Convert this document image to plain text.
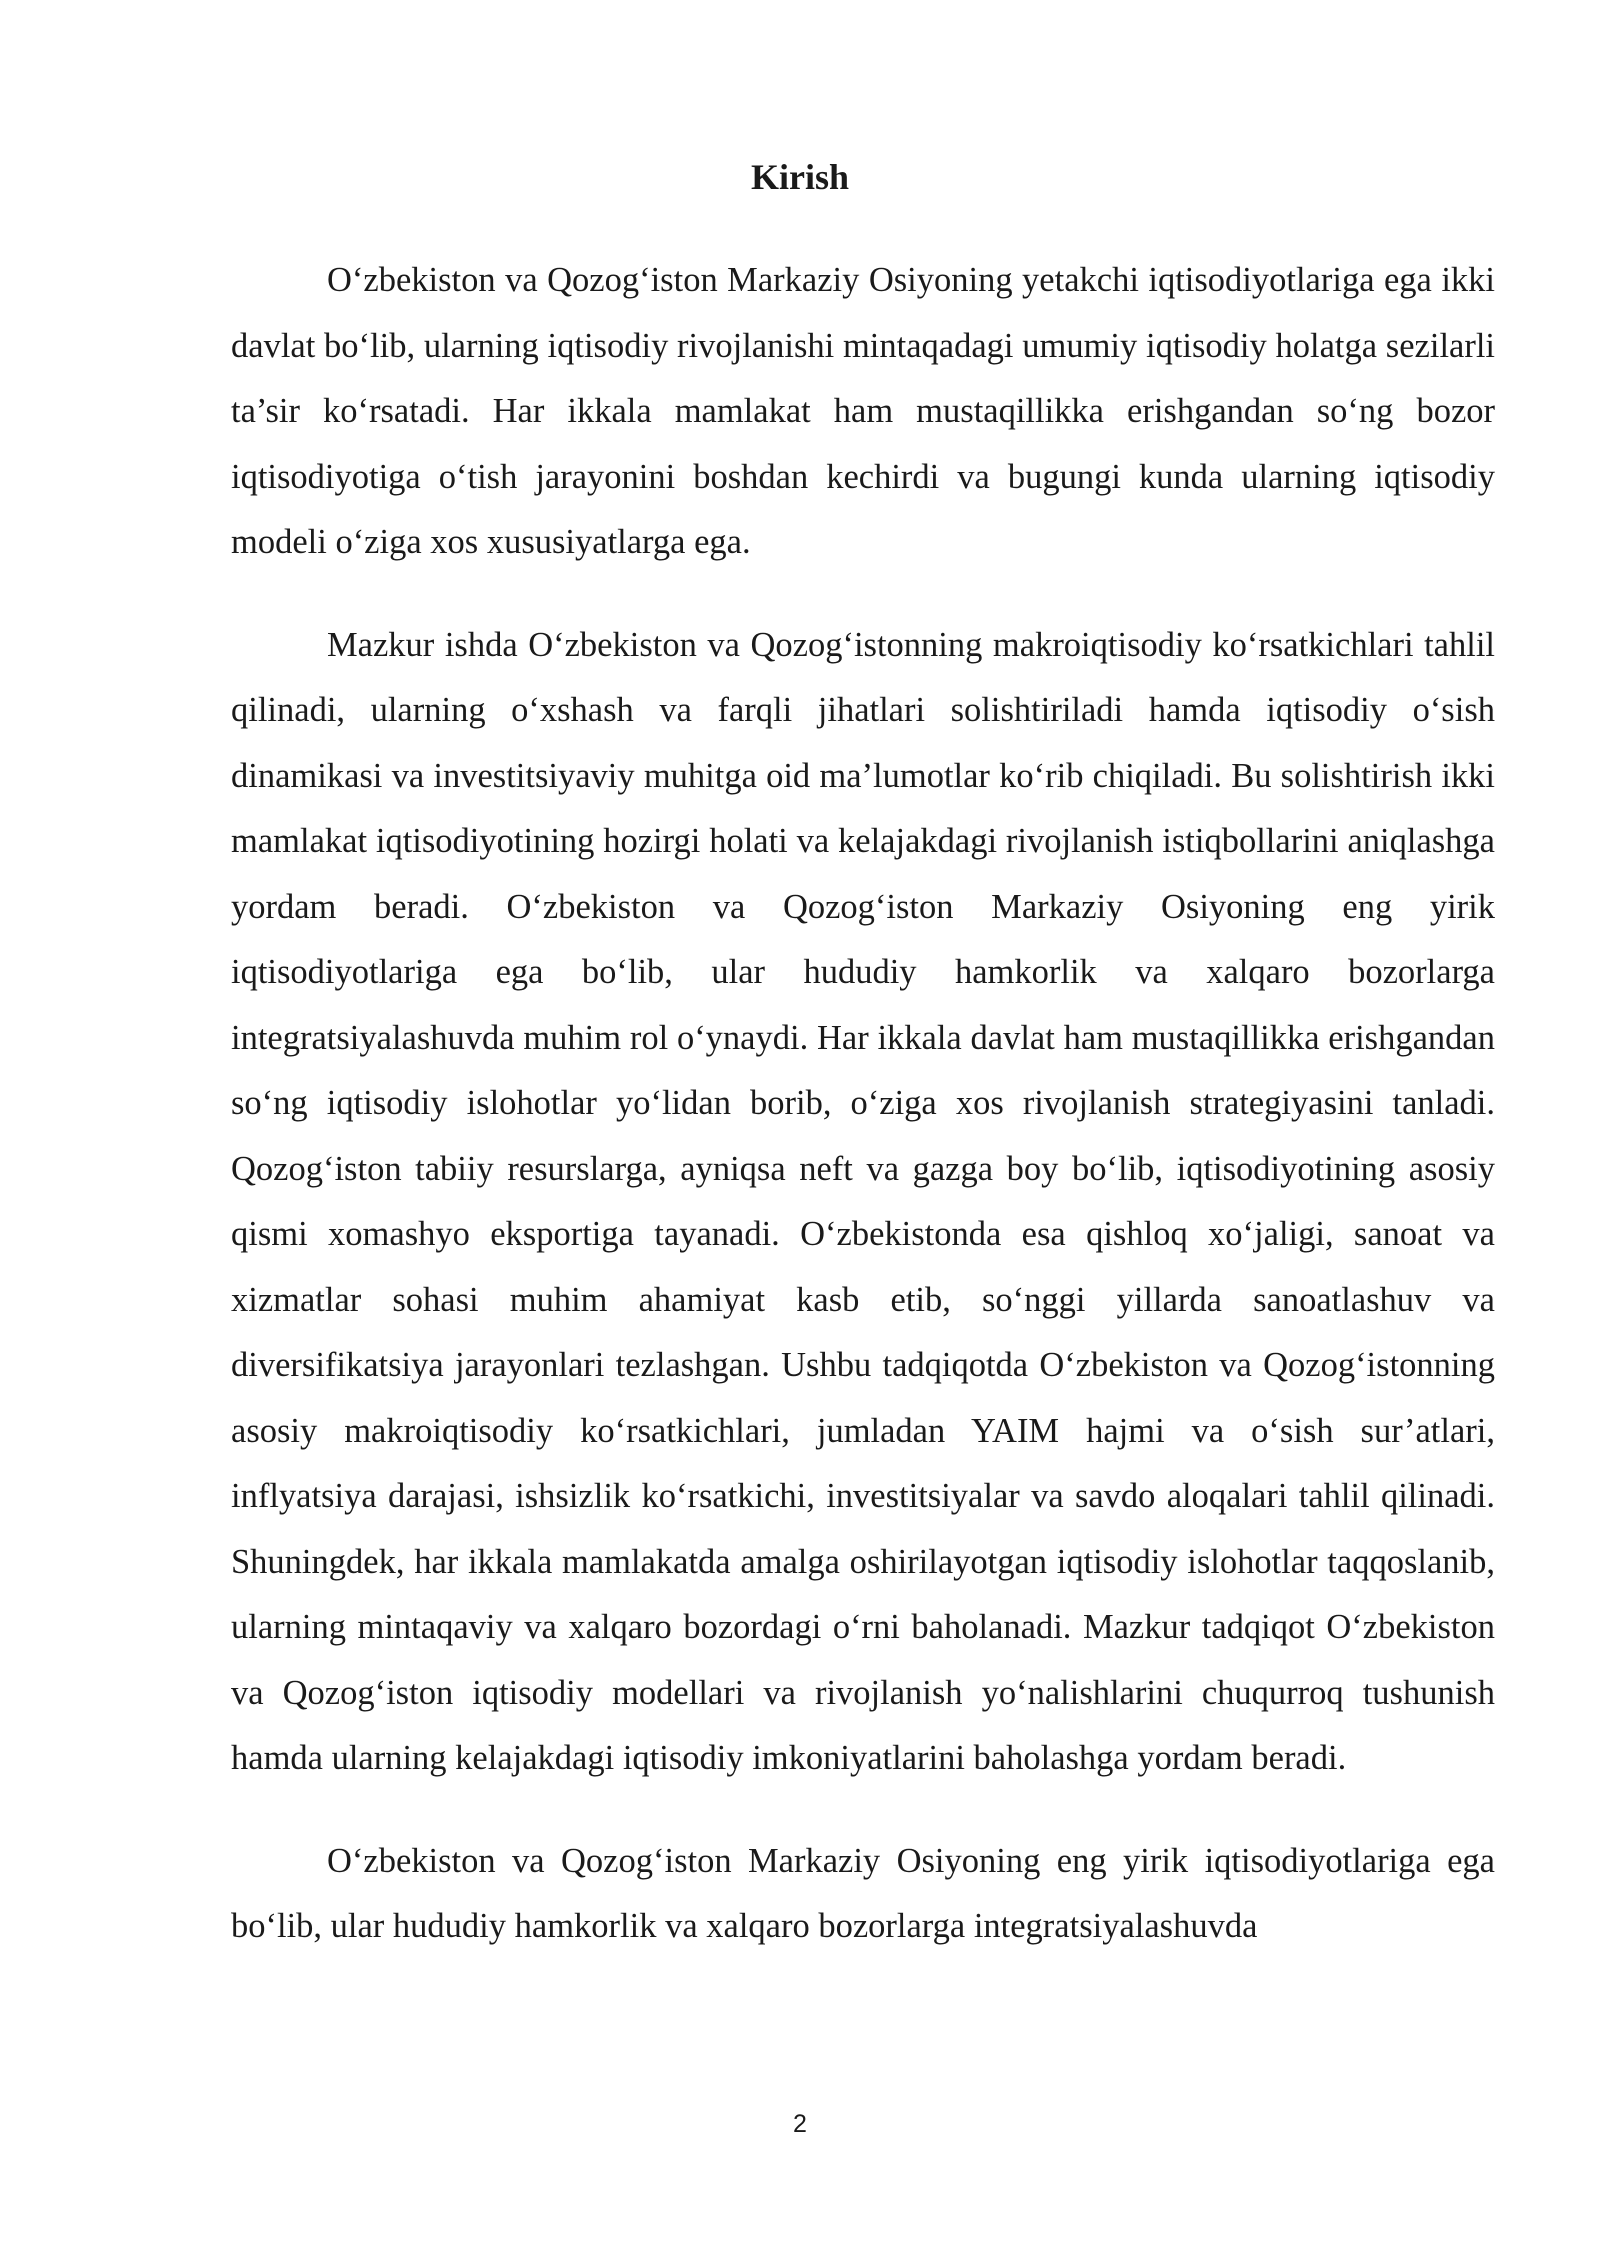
Kirish

O‘zbekiston va Qozog‘iston Markaziy Osiyoning yetakchi iqtisodiyotlariga ega ikki davlat bo‘lib, ularning iqtisodiy rivojlanishi mintaqadagi umumiy iqtisodiy holatga sezilarli ta’sir ko‘rsatadi. Har ikkala mamlakat ham mustaqillikka erishgandan so‘ng bozor iqtisodiyotiga o‘tish jarayonini boshdan kechirdi va bugungi kunda ularning iqtisodiy modeli o‘ziga xos xususiyatlarga ega.

Mazkur ishda O‘zbekiston va Qozog‘istonning makroiqtisodiy ko‘rsatkichlari tahlil qilinadi, ularning o‘xshash va farqli jihatlari solishtiriladi hamda iqtisodiy o‘sish dinamikasi va investitsiyaviy muhitga oid ma’lumotlar ko‘rib chiqiladi. Bu solishtirish ikki mamlakat iqtisodiyotining hozirgi holati va kelajakdagi rivojlanish istiqbollarini aniqlashga yordam beradi. O‘zbekiston va Qozog‘iston Markaziy Osiyoning eng yirik iqtisodiyotlariga ega bo‘lib, ular hududiy hamkorlik va xalqaro bozorlarga integratsiyalashuvda muhim rol o‘ynaydi. Har ikkala davlat ham mustaqillikka erishgandan so‘ng iqtisodiy islohotlar yo‘lidan borib, o‘ziga xos rivojlanish strategiyasini tanladi. Qozog‘iston tabiiy resurslarga, ayniqsa neft va gazga boy bo‘lib, iqtisodiyotining asosiy qismi xomashyo eksportiga tayanadi. O‘zbekistonda esa qishloq xo‘jaligi, sanoat va xizmatlar sohasi muhim ahamiyat kasb etib, so‘nggi yillarda sanoatlashuv va diversifikatsiya jarayonlari tezlashgan. Ushbu tadqiqotda O‘zbekiston va Qozog‘istonning asosiy makroiqtisodiy ko‘rsatkichlari, jumladan YAIM hajmi va o‘sish sur’atlari, inflyatsiya darajasi, ishsizlik ko‘rsatkichi, investitsiyalar va savdo aloqalari tahlil qilinadi. Shuningdek, har ikkala mamlakatda amalga oshirilayotgan iqtisodiy islohotlar taqqoslanib, ularning mintaqaviy va xalqaro bozordagi o‘rni baholanadi. Mazkur tadqiqot O‘zbekiston va Qozog‘iston iqtisodiy modellari va rivojlanish yo‘nalishlarini chuqurroq tushunish hamda ularning kelajakdagi iqtisodiy imkoniyatlarini baholashga yordam beradi.

O‘zbekiston va Qozog‘iston Markaziy Osiyoning eng yirik iqtisodiyotlariga ega bo‘lib, ular hududiy hamkorlik va xalqaro bozorlarga integratsiyalashuvda

2
